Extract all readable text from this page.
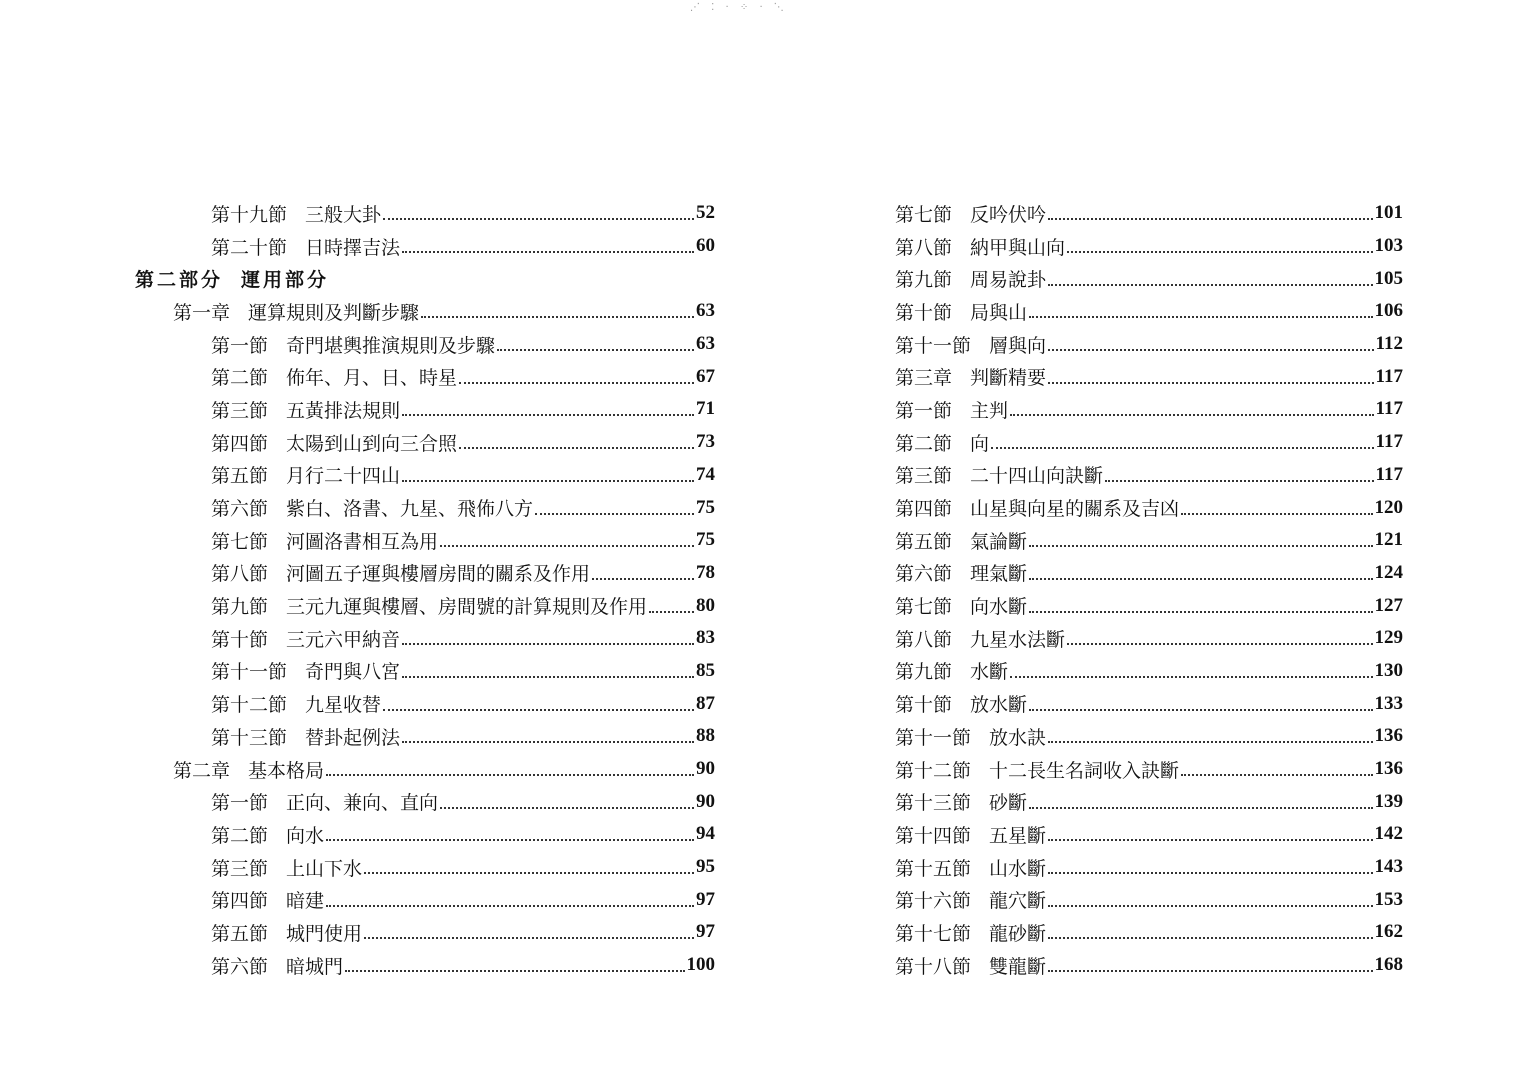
⋰ ⁚ · ⁘ · ⋱
第十九節 三般大卦	52
第二十節 日時擇吉法	60
第二部分 運用部分
第一章 運算規則及判斷步驟	63
第一節 奇門堪輿推演規則及步驟	63
第二節 佈年、月、日、時星	67
第三節 五黃排法規則	71
第四節 太陽到山到向三合照	73
第五節 月行二十四山	74
第六節 紫白、洛書、九星、飛佈八方	75
第七節 河圖洛書相互為用	75
第八節 河圖五子運與樓層房間的關系及作用	78
第九節 三元九運與樓層、房間號的計算規則及作用	80
第十節 三元六甲納音	83
第十一節 奇門與八宮	85
第十二節 九星收替	87
第十三節 替卦起例法	88
第二章 基本格局	90
第一節 正向、兼向、直向	90
第二節 向水	94
第三節 上山下水	95
第四節 暗建	97
第五節 城門使用	97
第六節 暗城門	100
第七節 反吟伏吟	101
第八節 納甲與山向	103
第九節 周易說卦	105
第十節 局與山	106
第十一節 層與向	112
第三章 判斷精要	117
第一節 主判	117
第二節 向	117
第三節 二十四山向訣斷	117
第四節 山星與向星的關系及吉凶	120
第五節 氣論斷	121
第六節 理氣斷	124
第七節 向水斷	127
第八節 九星水法斷	129
第九節 水斷	130
第十節 放水斷	133
第十一節 放水訣	136
第十二節 十二長生名詞收入訣斷	136
第十三節 砂斷	139
第十四節 五星斷	142
第十五節 山水斷	143
第十六節 龍穴斷	153
第十七節 龍砂斷	162
第十八節 雙龍斷	168
